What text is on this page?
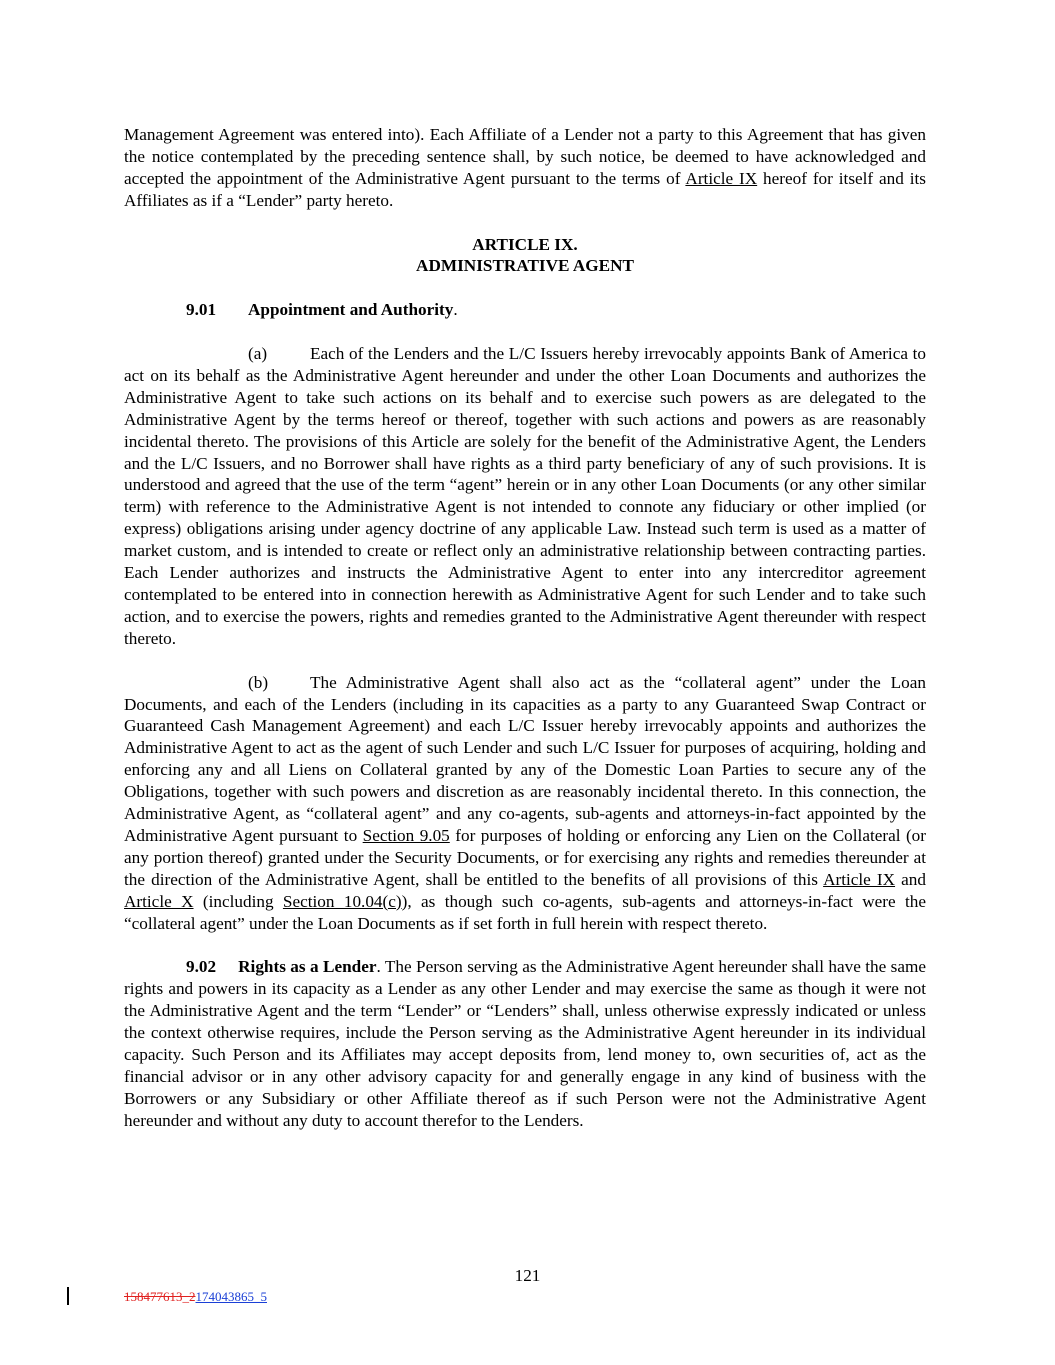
Management Agreement was entered into). Each Affiliate of a Lender not a party to this Agreement that has given the notice contemplated by the preceding sentence shall, by such notice, be deemed to have acknowledged and accepted the appointment of the Administrative Agent pursuant to the terms of Article IX hereof for itself and its Affiliates as if a “Lender” party hereto.

ARTICLE IX.

ADMINISTRATIVE AGENT

9.01 Appointment and Authority.

(a) Each of the Lenders and the L/C Issuers hereby irrevocably appoints Bank of America to act on its behalf as the Administrative Agent hereunder and under the other Loan Documents and authorizes the Administrative Agent to take such actions on its behalf and to exercise such powers as are delegated to the Administrative Agent by the terms hereof or thereof, together with such actions and powers as are reasonably incidental thereto. The provisions of this Article are solely for the benefit of the Administrative Agent, the Lenders and the L/C Issuers, and no Borrower shall have rights as a third party beneficiary of any of such provisions. It is understood and agreed that the use of the term “agent” herein or in any other Loan Documents (or any other similar term) with reference to the Administrative Agent is not intended to connote any fiduciary or other implied (or express) obligations arising under agency doctrine of any applicable Law. Instead such term is used as a matter of market custom, and is intended to create or reflect only an administrative relationship between contracting parties. Each Lender authorizes and instructs the Administrative Agent to enter into any intercreditor agreement contemplated to be entered into in connection herewith as Administrative Agent for such Lender and to take such action, and to exercise the powers, rights and remedies granted to the Administrative Agent thereunder with respect thereto.

(b) The Administrative Agent shall also act as the “collateral agent” under the Loan Documents, and each of the Lenders (including in its capacities as a party to any Guaranteed Swap Contract or Guaranteed Cash Management Agreement) and each L/C Issuer hereby irrevocably appoints and authorizes the Administrative Agent to act as the agent of such Lender and such L/C Issuer for purposes of acquiring, holding and enforcing any and all Liens on Collateral granted by any of the Domestic Loan Parties to secure any of the Obligations, together with such powers and discretion as are reasonably incidental thereto. In this connection, the Administrative Agent, as “collateral agent” and any co-agents, sub-agents and attorneys-in-fact appointed by the Administrative Agent pursuant to Section 9.05 for purposes of holding or enforcing any Lien on the Collateral (or any portion thereof) granted under the Security Documents, or for exercising any rights and remedies thereunder at the direction of the Administrative Agent, shall be entitled to the benefits of all provisions of this Article IX and Article X (including Section 10.04(c)), as though such co-agents, sub-agents and attorneys-in-fact were the “collateral agent” under the Loan Documents as if set forth in full herein with respect thereto.

9.02 Rights as a Lender. The Person serving as the Administrative Agent hereunder shall have the same rights and powers in its capacity as a Lender as any other Lender and may exercise the same as though it were not the Administrative Agent and the term “Lender” or “Lenders” shall, unless otherwise expressly indicated or unless the context otherwise requires, include the Person serving as the Administrative Agent hereunder in its individual capacity. Such Person and its Affiliates may accept deposits from, lend money to, own securities of, act as the financial advisor or in any other advisory capacity for and generally engage in any kind of business with the Borrowers or any Subsidiary or other Affiliate thereof as if such Person were not the Administrative Agent hereunder and without any duty to account therefor to the Lenders.

121
158477613_2174043865_5
